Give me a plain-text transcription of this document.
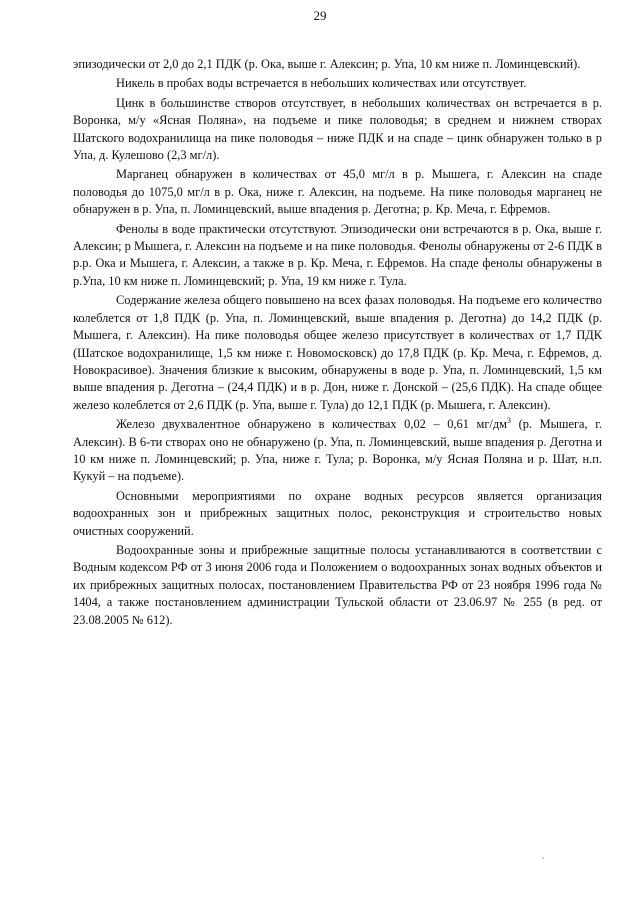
29

эпизодически от 2,0 до 2,1 ПДК (р. Ока, выше г. Алексин; р. Упа, 10 км ниже п. Ломинцевский).

Никель в пробах воды встречается в небольших количествах или отсутствует.

Цинк в большинстве створов отсутствует, в небольших количествах он встречается в р. Воронка, м/у «Ясная Поляна», на подъеме и пике половодья; в среднем и нижнем створах Шатского водохранилища на пике половодья – ниже ПДК и на спаде – цинк обнаружен только в р Упа, д. Кулешово (2,3 мг/л).

Марганец обнаружен в количествах от 45,0 мг/л в р. Мышега, г. Алексин на спаде половодья до 1075,0 мг/л в р. Ока, ниже г. Алексин, на подъеме. На пике половодья марганец не обнаружен в р. Упа, п. Ломинцевский, выше впадения р. Деготна; р. Кр. Меча, г. Ефремов.

Фенолы в воде практически отсутствуют. Эпизодически они встречаются в р. Ока, выше г. Алексин; р Мышега, г. Алексин на подъеме и на пике половодья. Фенолы обнаружены от 2-6 ПДК в р.р. Ока и Мышега, г. Алексин, а также в р. Кр. Меча, г. Ефремов. На спаде фенолы обнаружены в р.Упа, 10 км ниже п. Ломинцевский; р. Упа, 19 км ниже г. Тула.

Содержание железа общего повышено на всех фазах половодья. На подъеме его количество колеблется от 1,8 ПДК (р. Упа, п. Ломинцевский, выше впадения р. Деготна) до 14,2 ПДК (р. Мышега, г. Алексин). На пике половодья общее железо присутствует в количествах от 1,7 ПДК (Шатское водохранилище, 1,5 км ниже г. Новомосковск) до 17,8 ПДК (р. Кр. Меча, г. Ефремов, д. Новокрасивое). Значения близкие к высоким, обнаружены в воде р. Упа, п. Ломинцевский, 1,5 км выше впадения р. Деготна – (24,4 ПДК) и в р. Дон, ниже г. Донской – (25,6 ПДК). На спаде общее железо колеблется от 2,6 ПДК (р. Упа, выше г. Тула) до 12,1 ПДК (р. Мышега, г. Алексин).

Железо двухвалентное обнаружено в количествах 0,02 – 0,61 $мг/дм^3$ (р. Мышега, г. Алексин). В 6-ти створах оно не обнаружено (р. Упа, п. Ломинцевский, выше впадения р. Деготна и 10 км ниже п. Ломинцевский; р. Упа, ниже г. Тула; р. Воронка, м/у Ясная Поляна и р. Шат, н.п. Кукуй – на подъеме).

Основными мероприятиями по охране водных ресурсов является организация водоохранных зон и прибрежных защитных полос, реконструкция и строительство новых очистных сооружений.

Водоохранные зоны и прибрежные защитные полосы устанавливаются в соответствии с Водным кодексом РФ от 3 июня 2006 года и Положением о водоохранных зонах водных объектов и их прибрежных защитных полосах, постановлением Правительства РФ от 23 ноября 1996 года № 1404, а также постановлением администрации Тульской области от 23.06.97 № 255 (в ред. от 23.08.2005 № 612).
